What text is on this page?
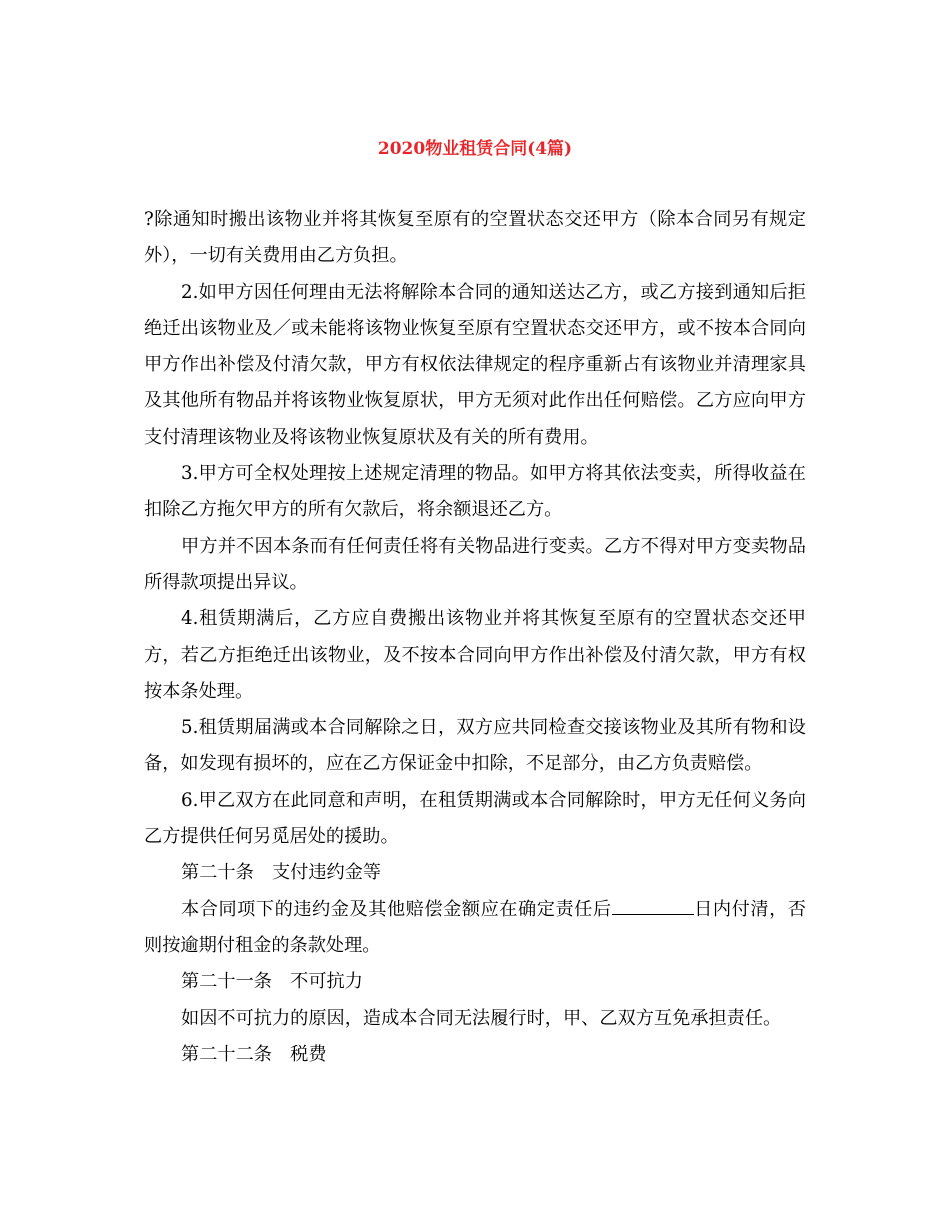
2020物业租赁合同(4篇)

?除通知时搬出该物业并将其恢复至原有的空置状态交还甲方（除本合同另有规定外），一切有关费用由乙方负担。

2.如甲方因任何理由无法将解除本合同的通知送达乙方，或乙方接到通知后拒绝迁出该物业及／或未能将该物业恢复至原有空置状态交还甲方，或不按本合同向甲方作出补偿及付清欠款，甲方有权依法律规定的程序重新占有该物业并清理家具及其他所有物品并将该物业恢复原状，甲方无须对此作出任何赔偿。乙方应向甲方支付清理该物业及将该物业恢复原状及有关的所有费用。

3.甲方可全权处理按上述规定清理的物品。如甲方将其依法变卖，所得收益在扣除乙方拖欠甲方的所有欠款后，将余额退还乙方。

甲方并不因本条而有任何责任将有关物品进行变卖。乙方不得对甲方变卖物品所得款项提出异议。

4.租赁期满后，乙方应自费搬出该物业并将其恢复至原有的空置状态交还甲方，若乙方拒绝迁出该物业，及不按本合同向甲方作出补偿及付清欠款，甲方有权按本条处理。

5.租赁期届满或本合同解除之日，双方应共同检查交接该物业及其所有物和设备，如发现有损坏的，应在乙方保证金中扣除，不足部分，由乙方负责赔偿。

6.甲乙双方在此同意和声明，在租赁期满或本合同解除时，甲方无任何义务向乙方提供任何另觅居处的援助。

第二十条　支付违约金等

本合同项下的违约金及其他赔偿金额应在确定责任后	日内付清，否则按逾期付租金的条款处理。

第二十一条　不可抗力

如因不可抗力的原因，造成本合同无法履行时，甲、乙双方互免承担责任。

第二十二条　税费
